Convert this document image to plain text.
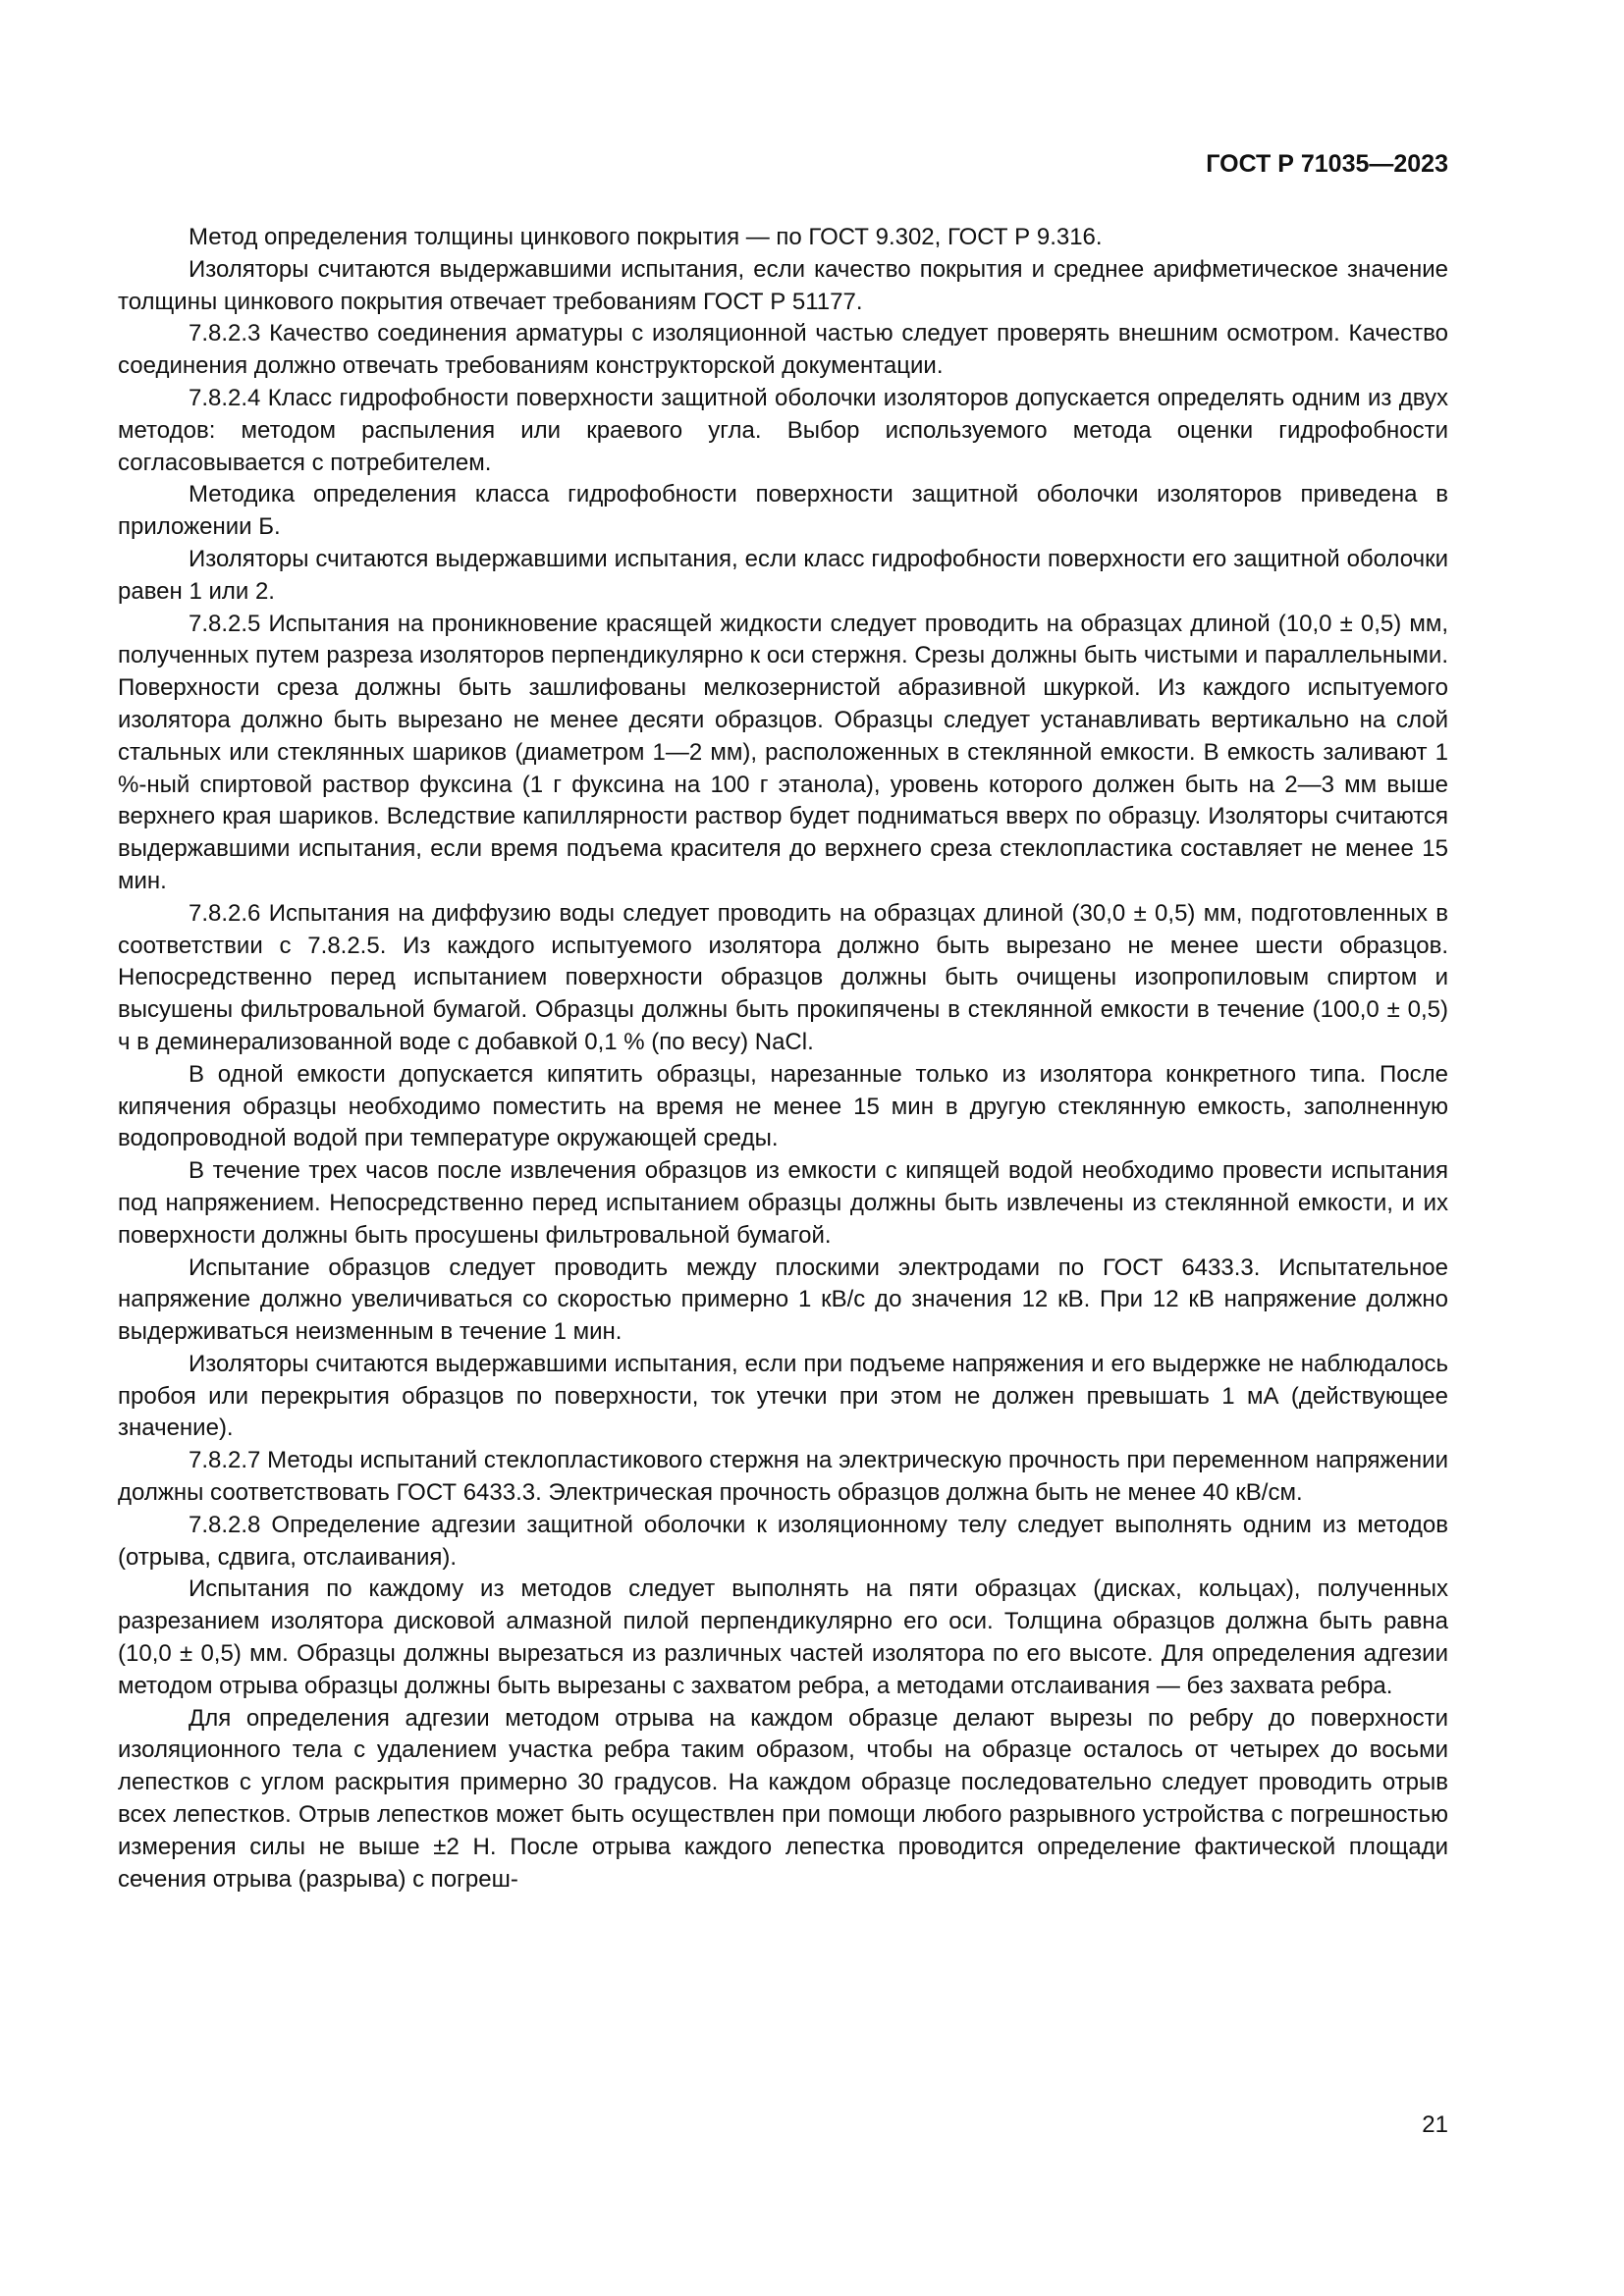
ГОСТ Р 71035—2023

Метод определения толщины цинкового покрытия — по ГОСТ 9.302, ГОСТ Р 9.316.

Изоляторы считаются выдержавшими испытания, если качество покрытия и среднее арифметическое значение толщины цинкового покрытия отвечает требованиям ГОСТ Р 51177.

7.8.2.3 Качество соединения арматуры с изоляционной частью следует проверять внешним осмотром. Качество соединения должно отвечать требованиям конструкторской документации.

7.8.2.4 Класс гидрофобности поверхности защитной оболочки изоляторов допускается определять одним из двух методов: методом распыления или краевого угла. Выбор используемого метода оценки гидрофобности согласовывается с потребителем.

Методика определения класса гидрофобности поверхности защитной оболочки изоляторов приведена в приложении Б.

Изоляторы считаются выдержавшими испытания, если класс гидрофобности поверхности его защитной оболочки равен 1 или 2.

7.8.2.5 Испытания на проникновение красящей жидкости следует проводить на образцах длиной (10,0 ± 0,5) мм, полученных путем разреза изоляторов перпендикулярно к оси стержня. Срезы должны быть чистыми и параллельными. Поверхности среза должны быть зашлифованы мелкозернистой абразивной шкуркой. Из каждого испытуемого изолятора должно быть вырезано не менее десяти образцов. Образцы следует устанавливать вертикально на слой стальных или стеклянных шариков (диаметром 1—2 мм), расположенных в стеклянной емкости. В емкость заливают 1 %-ный спиртовой раствор фуксина (1 г фуксина на 100 г этанола), уровень которого должен быть на 2—3 мм выше верхнего края шариков. Вследствие капиллярности раствор будет подниматься вверх по образцу. Изоляторы считаются выдержавшими испытания, если время подъема красителя до верхнего среза стеклопластика составляет не менее 15 мин.

7.8.2.6 Испытания на диффузию воды следует проводить на образцах длиной (30,0 ± 0,5) мм, подготовленных в соответствии с 7.8.2.5. Из каждого испытуемого изолятора должно быть вырезано не менее шести образцов. Непосредственно перед испытанием поверхности образцов должны быть очищены изопропиловым спиртом и высушены фильтровальной бумагой. Образцы должны быть прокипячены в стеклянной емкости в течение (100,0 ± 0,5) ч в деминерализованной воде с добавкой 0,1 % (по весу) NaCl.

В одной емкости допускается кипятить образцы, нарезанные только из изолятора конкретного типа. После кипячения образцы необходимо поместить на время не менее 15 мин в другую стеклянную емкость, заполненную водопроводной водой при температуре окружающей среды.

В течение трех часов после извлечения образцов из емкости с кипящей водой необходимо провести испытания под напряжением. Непосредственно перед испытанием образцы должны быть извлечены из стеклянной емкости, и их поверхности должны быть просушены фильтровальной бумагой.

Испытание образцов следует проводить между плоскими электродами по ГОСТ 6433.3. Испытательное напряжение должно увеличиваться со скоростью примерно 1 кВ/с до значения 12 кВ. При 12 кВ напряжение должно выдерживаться неизменным в течение 1 мин.

Изоляторы считаются выдержавшими испытания, если при подъеме напряжения и его выдержке не наблюдалось пробоя или перекрытия образцов по поверхности, ток утечки при этом не должен превышать 1 мА (действующее значение).

7.8.2.7 Методы испытаний стеклопластикового стержня на электрическую прочность при переменном напряжении должны соответствовать ГОСТ 6433.3. Электрическая прочность образцов должна быть не менее 40 кВ/см.

7.8.2.8 Определение адгезии защитной оболочки к изоляционному телу следует выполнять одним из методов (отрыва, сдвига, отслаивания).

Испытания по каждому из методов следует выполнять на пяти образцах (дисках, кольцах), полученных разрезанием изолятора дисковой алмазной пилой перпендикулярно его оси. Толщина образцов должна быть равна (10,0 ± 0,5) мм. Образцы должны вырезаться из различных частей изолятора по его высоте. Для определения адгезии методом отрыва образцы должны быть вырезаны с захватом ребра, а методами отслаивания — без захвата ребра.

Для определения адгезии методом отрыва на каждом образце делают вырезы по ребру до поверхности изоляционного тела с удалением участка ребра таким образом, чтобы на образце осталось от четырех до восьми лепестков с углом раскрытия примерно 30 градусов. На каждом образце последовательно следует проводить отрыв всех лепестков. Отрыв лепестков может быть осуществлен при помощи любого разрывного устройства с погрешностью измерения силы не выше ±2 Н. После отрыва каждого лепестка проводится определение фактической площади сечения отрыва (разрыва) с погреш-

21
